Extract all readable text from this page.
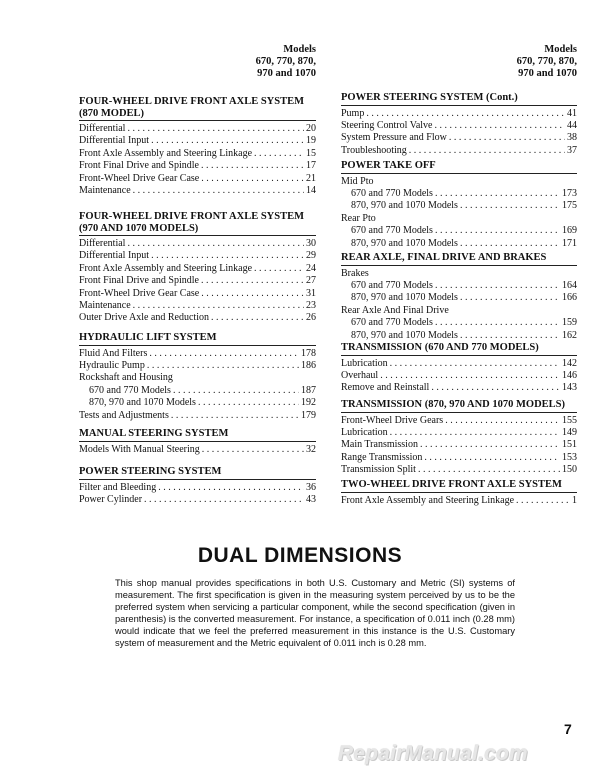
Models
670, 770, 870,
970 and 1070
FOUR-WHEEL DRIVE FRONT AXLE SYSTEM
(870 MODEL)
Differential . . .	20
Differential Input . . .	19
Front Axle Assembly and Steering Linkage . . .	15
Front Final Drive and Spindle . . .	17
Front-Wheel Drive Gear Case . . .	21
Maintenance . . .	14
FOUR-WHEEL DRIVE FRONT AXLE SYSTEM
(970 AND 1070 MODELS)
Differential . . .	30
Differential Input . . .	29
Front Axle Assembly and Steering Linkage . . .	24
Front Final Drive and Spindle . . .	27
Front-Wheel Drive Gear Case . . .	31
Maintenance . . .	23
Outer Drive Axle and Reduction . . .	26
HYDRAULIC LIFT SYSTEM
Fluid And Filters . . .	178
Hydraulic Pump . . .	186
Rockshaft and Housing
670 and 770 Models . . .	187
870, 970 and 1070 Models . . .	192
Tests and Adjustments . . .	179
MANUAL STEERING SYSTEM
Models With Manual Steering . . .	32
POWER STEERING SYSTEM
Filter and Bleeding . . .	36
Power Cylinder . . .	43
Models
670, 770, 870,
970 and 1070
POWER STEERING SYSTEM (Cont.)
Pump . . .	41
Steering Control Valve . . .	44
System Pressure and Flow . . .	38
Troubleshooting . . .	37
POWER TAKE OFF
Mid Pto
670 and 770 Models . . .	173
870, 970 and 1070 Models . . .	175
Rear Pto
670 and 770 Models . . .	169
870, 970 and 1070 Models . . .	171
REAR AXLE, FINAL DRIVE AND BRAKES
Brakes
670 and 770 Models . . .	164
870, 970 and 1070 Models . . .	166
Rear Axle And Final Drive
670 and 770 Models . . .	159
870, 970 and 1070 Models . . .	162
TRANSMISSION (670 AND 770 MODELS)
Lubrication . . .	142
Overhaul . . .	146
Remove and Reinstall . . .	143
TRANSMISSION (870, 970 AND 1070 MODELS)
Front-Wheel Drive Gears . . .	155
Lubrication . . .	149
Main Transmission . . .	151
Range Transmission . . .	153
Transmission Split . . .	150
TWO-WHEEL DRIVE FRONT AXLE SYSTEM
Front Axle Assembly and Steering Linkage . . .	1
DUAL DIMENSIONS
This shop manual provides specifications in both U.S. Customary and Metric (SI) systems of measurement. The first specification is given in the measuring system perceived by us to be the preferred system when servicing a particular component, while the second specification (given in parenthesis) is the converted measurement. For instance, a specification of 0.011 inch (0.28 mm) would indicate that we feel the preferred measurement in this instance is the U.S. Customary system of measurement and the Metric equivalent of 0.011 inch is 0.28 mm.
7
RepairManual.com
